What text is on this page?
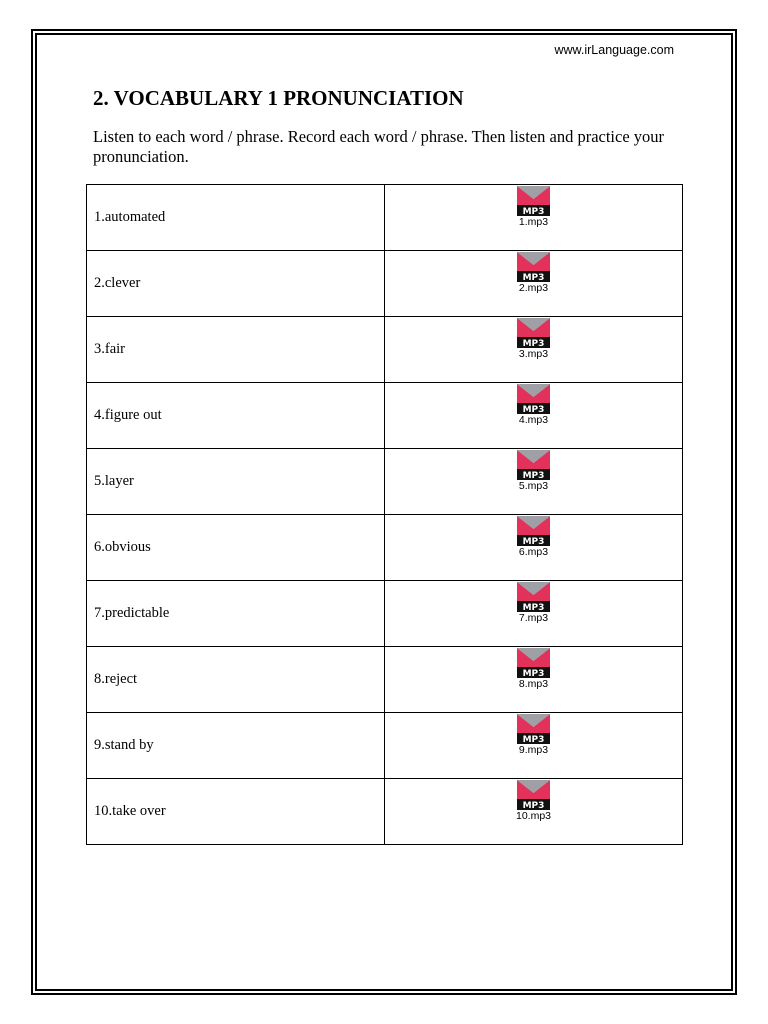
www.irLanguage.com
2. VOCABULARY 1 PRONUNCIATION

Listen to each word / phrase. Record each word / phrase. Then listen and practice your pronunciation.

1.automated	MP3
1.mp3

2.clever	MP3
2.mp3

3.fair	MP3
3.mp3

4.figure out	MP3
4.mp3

5.layer	MP3
5.mp3

6.obvious	MP3
6.mp3

7.predictable	MP3
7.mp3

8.reject	MP3
8.mp3

9.stand by	MP3
9.mp3

10.take over	MP3
10.mp3
